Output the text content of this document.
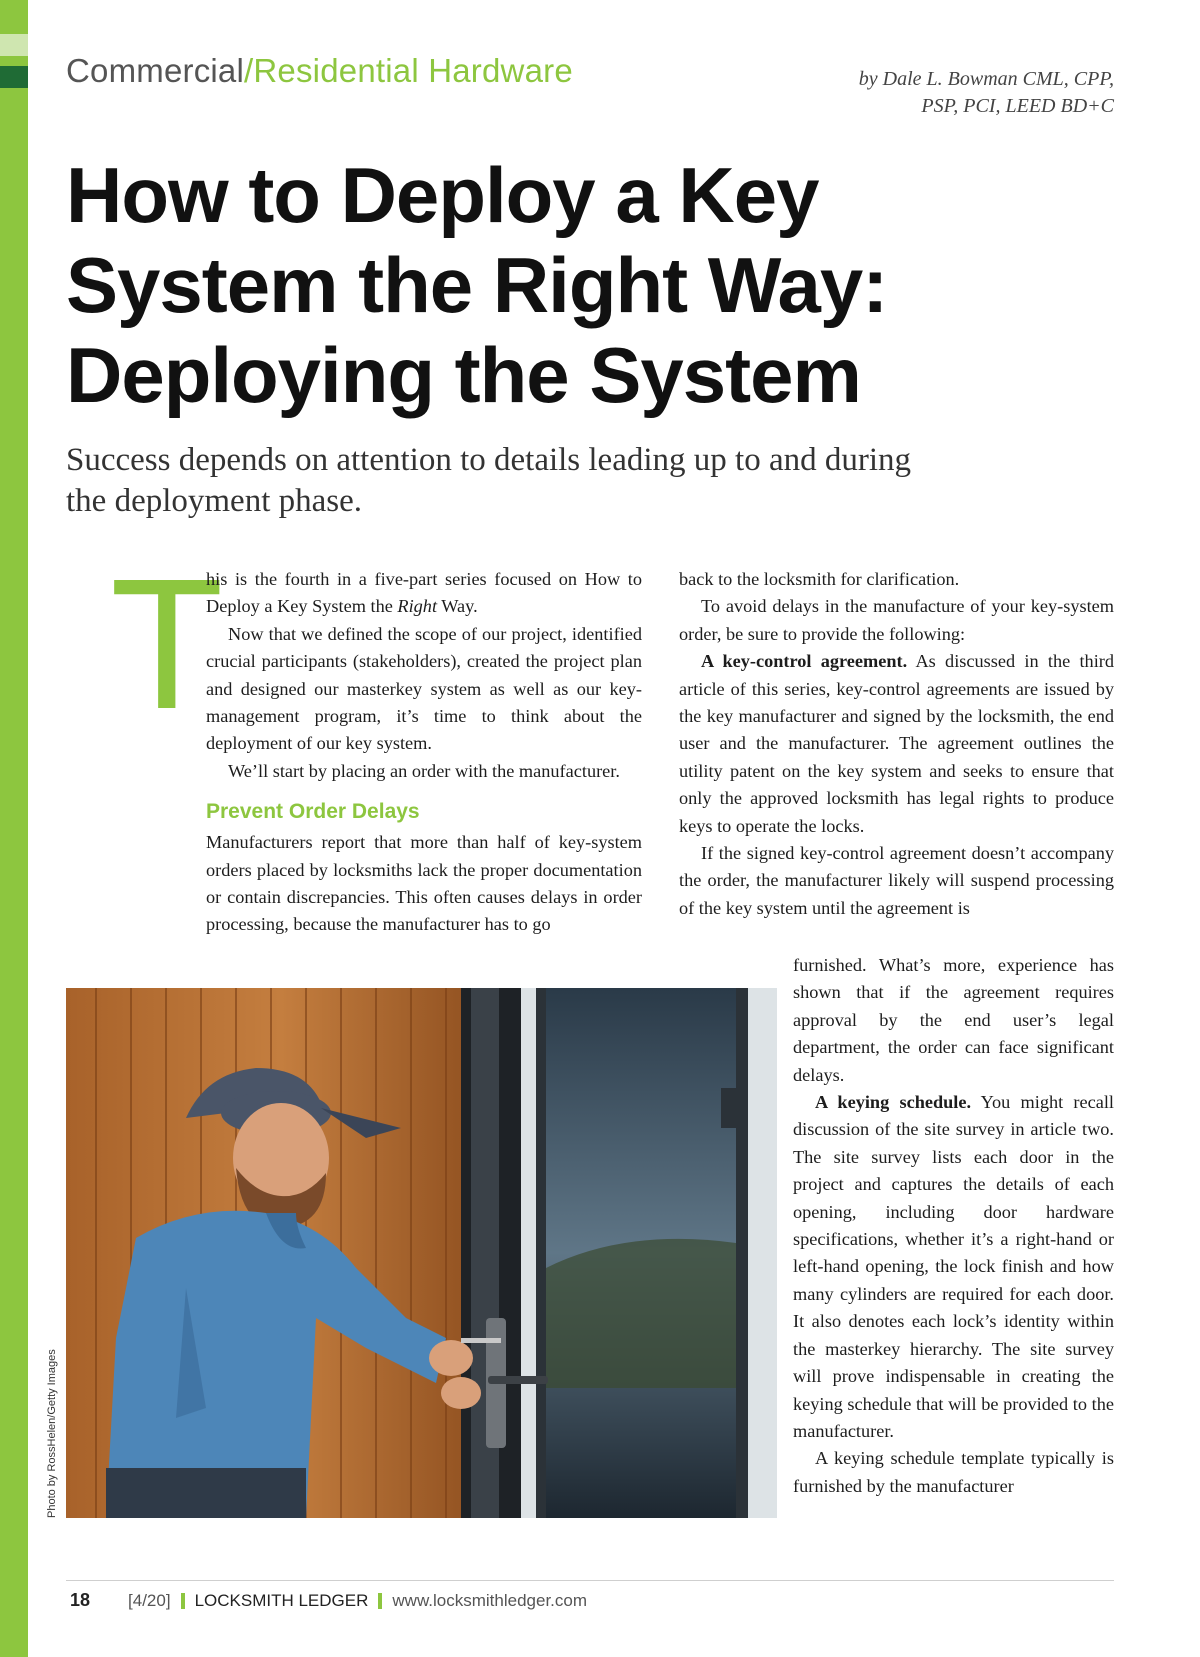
Commercial/Residential Hardware	by Dale L. Bowman CML, CPP,
PSP, PCI, LEED BD+C
How to Deploy a Key System the Right Way: Deploying the System
Success depends on attention to details leading up to and during the deployment phase.
T

his is the fourth in a five-part series focused on How to Deploy a Key System the Right Way.

Now that we defined the scope of our project, identified crucial participants (stakeholders), created the project plan and designed our masterkey system as well as our key-management program, it’s time to think about the deployment of our key system.

We’ll start by placing an order with the manufacturer.

Prevent Order Delays

Manufacturers report that more than half of key-system orders placed by locksmiths lack the proper documentation or contain discrepancies. This often causes delays in order processing, because the manufacturer has to go

back to the locksmith for clarification.

To avoid delays in the manufacture of your key-system order, be sure to provide the following:

A key-control agreement. As discussed in the third article of this series, key-control agreements are issued by the key manufacturer and signed by the locksmith, the end user and the manufacturer. The agreement outlines the utility patent on the key system and seeks to ensure that only the approved locksmith has legal rights to produce keys to operate the locks.

If the signed key-control agreement doesn’t accompany the order, the manufacturer likely will suspend processing of the key system until the agreement is

furnished. What’s more, experience has shown that if the agreement requires approval by the end user’s legal department, the order can face significant delays.

A keying schedule. You might recall discussion of the site survey in article two. The site survey lists each door in the project and captures the details of each opening, including door hardware specifications, whether it’s a right-hand or left-hand opening, the lock finish and how many cylinders are required for each door. It also denotes each lock’s identity within the masterkey hierarchy. The site survey will prove indispensable in creating the keying schedule that will be provided to the manufacturer.

A keying schedule template typically is furnished by the manufacturer

Photo by RossHelen/Getty Images
18 [4/20] LOCKSMITH LEDGER www.locksmithledger.com
